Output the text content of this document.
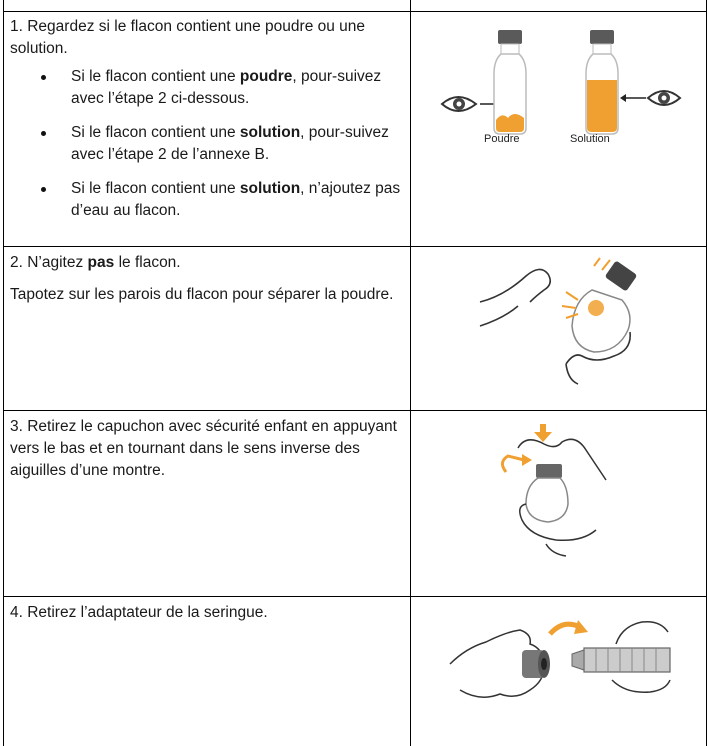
1. Regardez si le flacon contient une poudre ou une solution.
Si le flacon contient une poudre, pour-suivez avec l’étape 2 ci-dessous.
Si le flacon contient une solution, pour-suivez avec l’étape 2 de l’annexe B.
Si le flacon contient une solution, n’ajoutez pas d’eau au flacon.
Poudre	Solution

2. N’agitez pas le flacon.

Tapotez sur les parois du flacon pour séparer la poudre.

3. Retirez le capuchon avec sécurité enfant en appuyant vers le bas et en tournant dans le sens inverse des aiguilles d’une montre.
4. Retirez l’adaptateur de la seringue.
